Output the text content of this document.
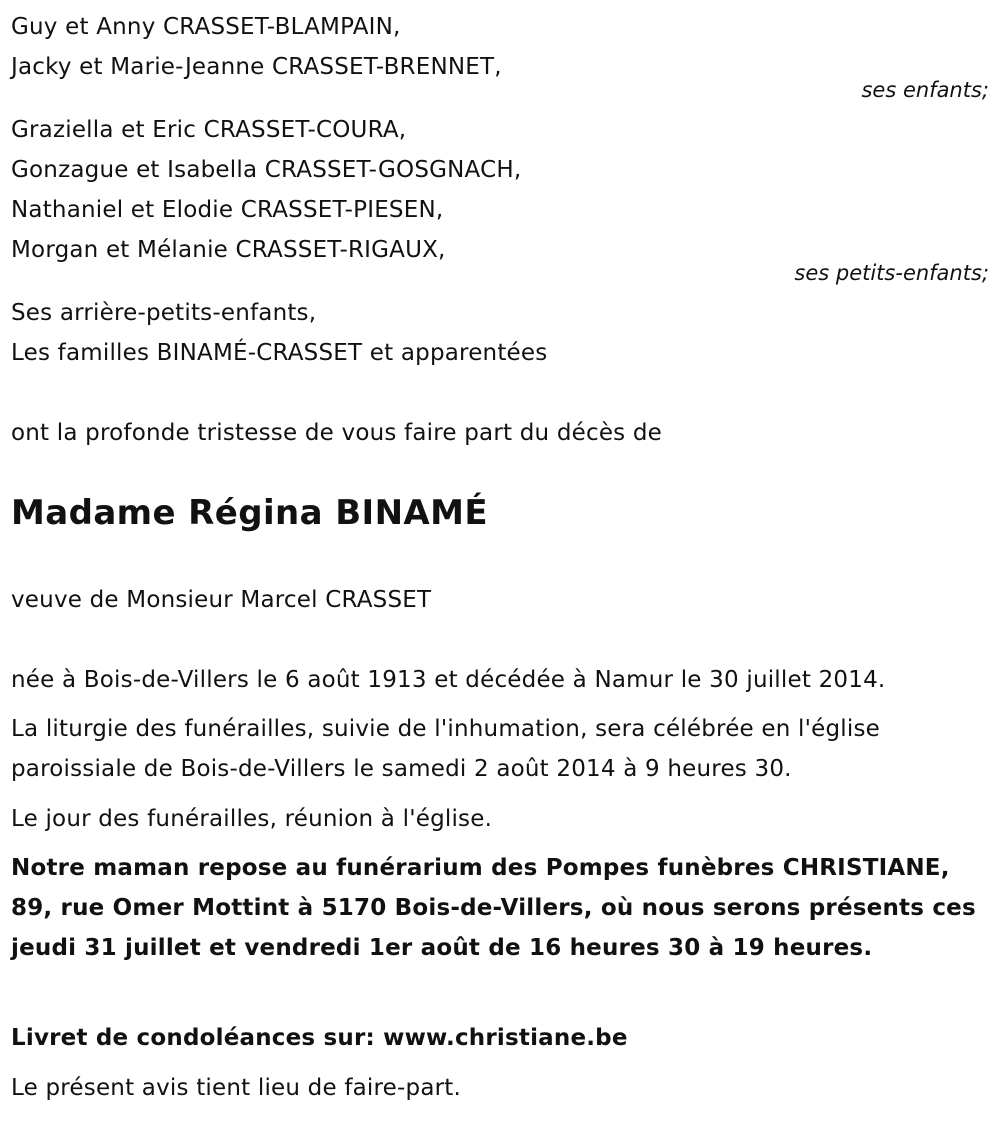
Guy et Anny CRASSET-BLAMPAIN,
Jacky et Marie-Jeanne CRASSET-BRENNET,
ses enfants;
Graziella et Eric CRASSET-COURA,
Gonzague et Isabella CRASSET-GOSGNACH,
Nathaniel et Elodie CRASSET-PIESEN,
Morgan et Mélanie CRASSET-RIGAUX,
ses petits-enfants;
Ses arrière-petits-enfants,
Les familles BINAMÉ-CRASSET et apparentées
ont la profonde tristesse de vous faire part du décès de
Madame Régina BINAMÉ
veuve de Monsieur Marcel CRASSET
née à Bois-de-Villers le 6 août 1913 et décédée à Namur le 30 juillet 2014.
La liturgie des funérailles, suivie de l'inhumation, sera célébrée en l'église paroissiale de Bois-de-Villers le samedi 2 août 2014 à 9 heures 30.
Le jour des funérailles, réunion à l'église.
Notre maman repose au funérarium des Pompes funèbres CHRISTIANE, 89, rue Omer Mottint à 5170 Bois-de-Villers, où nous serons présents ces jeudi 31 juillet et vendredi 1er août de 16 heures 30 à 19 heures.
Livret de condoléances sur: www.christiane.be
Le présent avis tient lieu de faire-part.
